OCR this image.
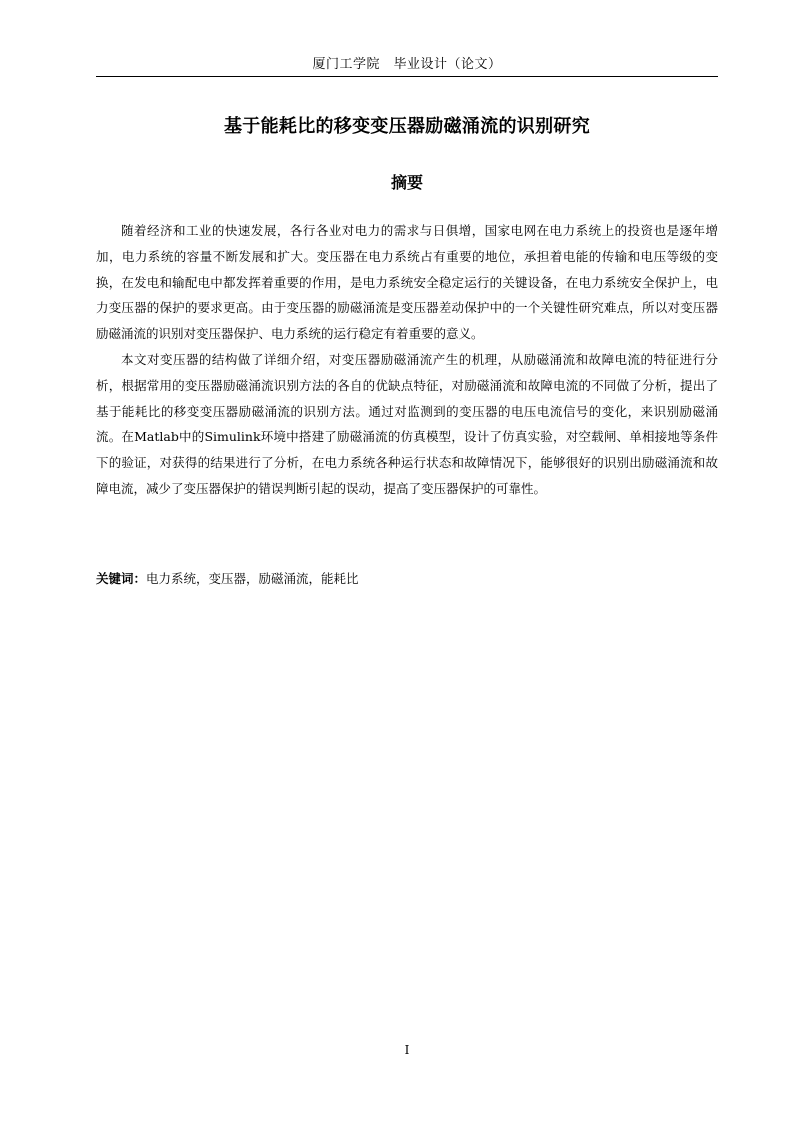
厦门工学院　毕业设计（论文）
基于能耗比的移变变压器励磁涌流的识别研究
摘要

随着经济和工业的快速发展，各行各业对电力的需求与日俱增，国家电网在电力系统上的投资也是逐年增加，电力系统的容量不断发展和扩大。变压器在电力系统占有重要的地位，承担着电能的传输和电压等级的变换，在发电和输配电中都发挥着重要的作用，是电力系统安全稳定运行的关键设备，在电力系统安全保护上，电力变压器的保护的要求更高。由于变压器的励磁涌流是变压器差动保护中的一个关键性研究难点，所以对变压器励磁涌流的识别对变压器保护、电力系统的运行稳定有着重要的意义。

本文对变压器的结构做了详细介绍，对变压器励磁涌流产生的机理，从励磁涌流和故障电流的特征进行分析，根据常用的变压器励磁涌流识别方法的各自的优缺点特征，对励磁涌流和故障电流的不同做了分析，提出了基于能耗比的移变变压器励磁涌流的识别方法。通过对监测到的变压器的电压电流信号的变化，来识别励磁涌流。在Matlab中的Simulink环境中搭建了励磁涌流的仿真模型，设计了仿真实验，对空载闸、单相接地等条件下的验证，对获得的结果进行了分析，在电力系统各种运行状态和故障情况下，能够很好的识别出励磁涌流和故障电流，减少了变压器保护的错误判断引起的误动，提高了变压器保护的可靠性。

关键词：电力系统，变压器，励磁涌流，能耗比
I
